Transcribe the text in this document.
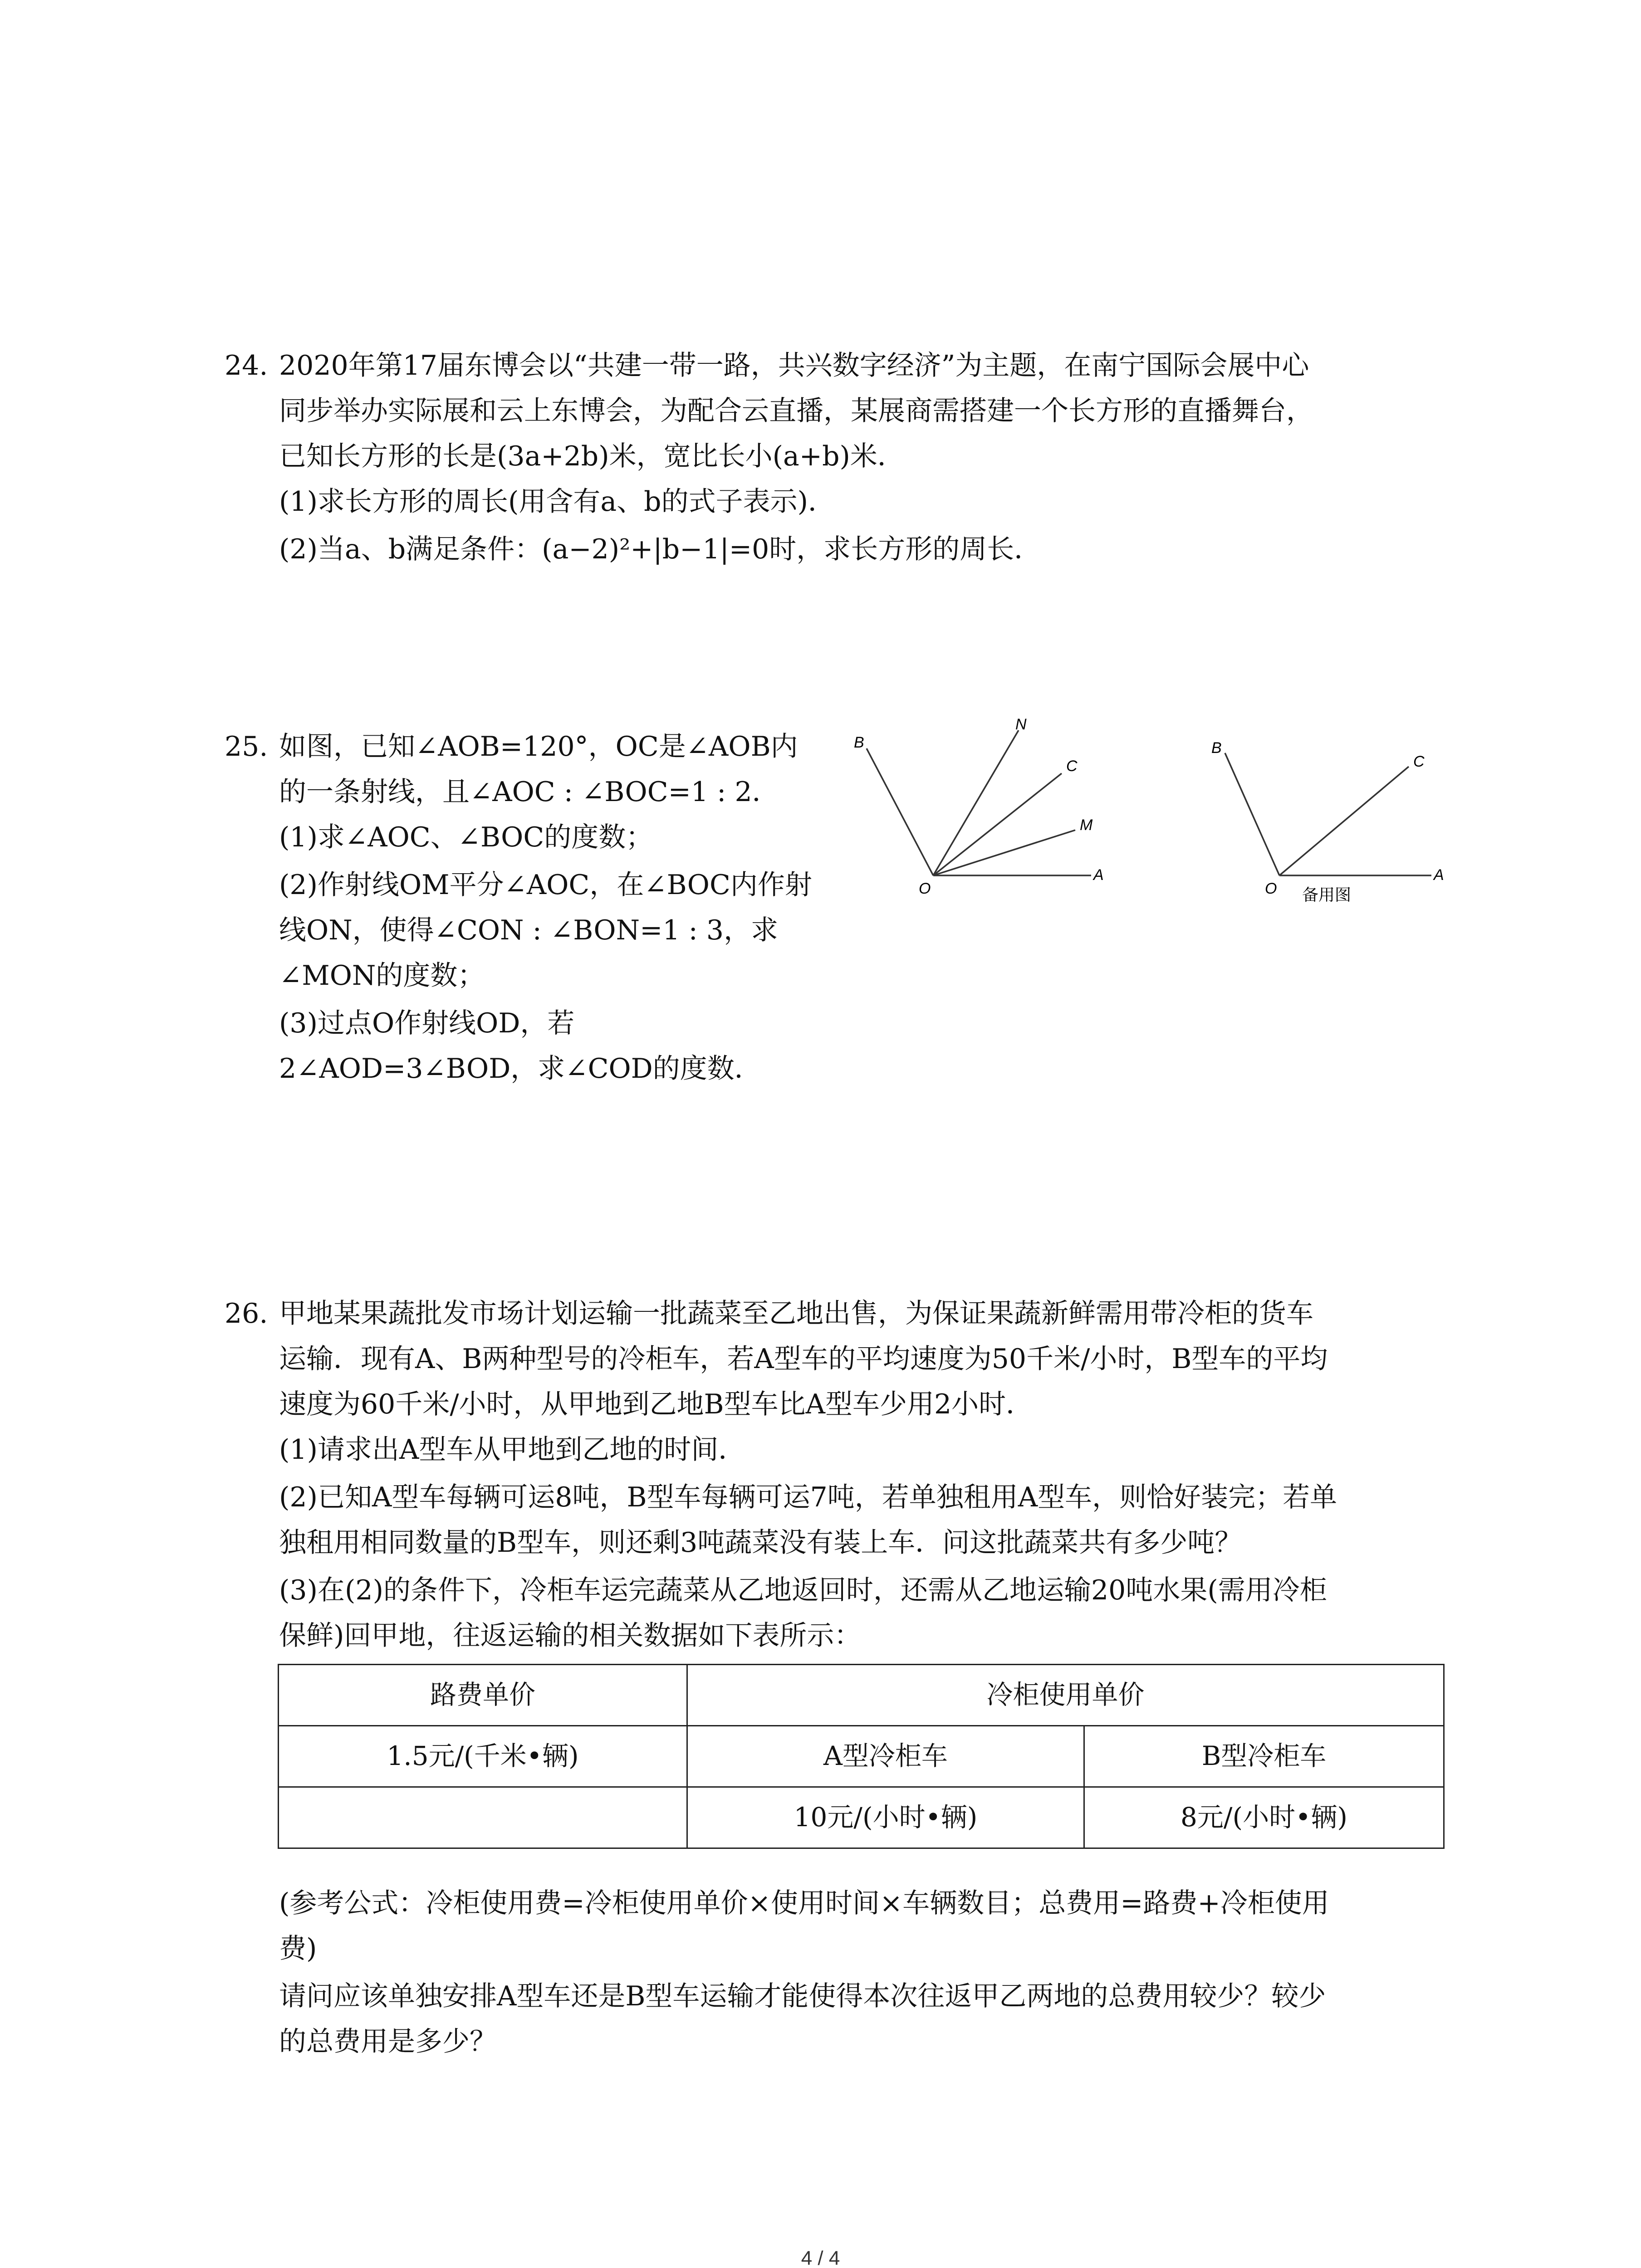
24. 2020年第17届东博会以“共建一带一路，共兴数字经济”为主题，在南宁国际会展中心
同步举办实际展和云上东博会，为配合云直播，某展商需搭建一个长方形的直播舞台，
已知长方形的长是(3a+2b)米，宽比长小(a+b)米．
(1)求长方形的周长(用含有a、b的式子表示)．
(2)当a、b满足条件：(a−2)²+|b−1|=0时，求长方形的周长．
25. 如图，已知∠AOB=120°，OC是∠AOB内
的一条射线，且∠AOC : ∠BOC=1 : 2．
(1)求∠AOC、∠BOC的度数；
(2)作射线OM平分∠AOC，在∠BOC内作射
线ON，使得∠CON : ∠BON=1 : 3，求
∠MON的度数；
(3)过点O作射线OD，若
2∠AOD=3∠BOD，求∠COD的度数．
B
N
C
M
O
A
B
C
O
A
备用图
26. 甲地某果蔬批发市场计划运输一批蔬菜至乙地出售，为保证果蔬新鲜需用带冷柜的货车
运输．现有A、B两种型号的冷柜车，若A型车的平均速度为50千米/小时，B型车的平均
速度为60千米/小时，从甲地到乙地B型车比A型车少用2小时．
(1)请求出A型车从甲地到乙地的时间．
(2)已知A型车每辆可运8吨，B型车每辆可运7吨，若单独租用A型车，则恰好装完；若单
独租用相同数量的B型车，则还剩3吨蔬菜没有装上车．问这批蔬菜共有多少吨？
(3)在(2)的条件下，冷柜车运完蔬菜从乙地返回时，还需从乙地运输20吨水果(需用冷柜
保鲜)回甲地，往返运输的相关数据如下表所示：
路费单价	冷柜使用单价	
1.5元/(千米•辆)	A型冷柜车	B型冷柜车
	10元/(小时•辆)	8元/(小时•辆)
(参考公式：冷柜使用费=冷柜使用单价×使用时间×车辆数目；总费用=路费+冷柜使用
费)
请问应该单独安排A型车还是B型车运输才能使得本次往返甲乙两地的总费用较少？较少
的总费用是多少？
4 / 4
